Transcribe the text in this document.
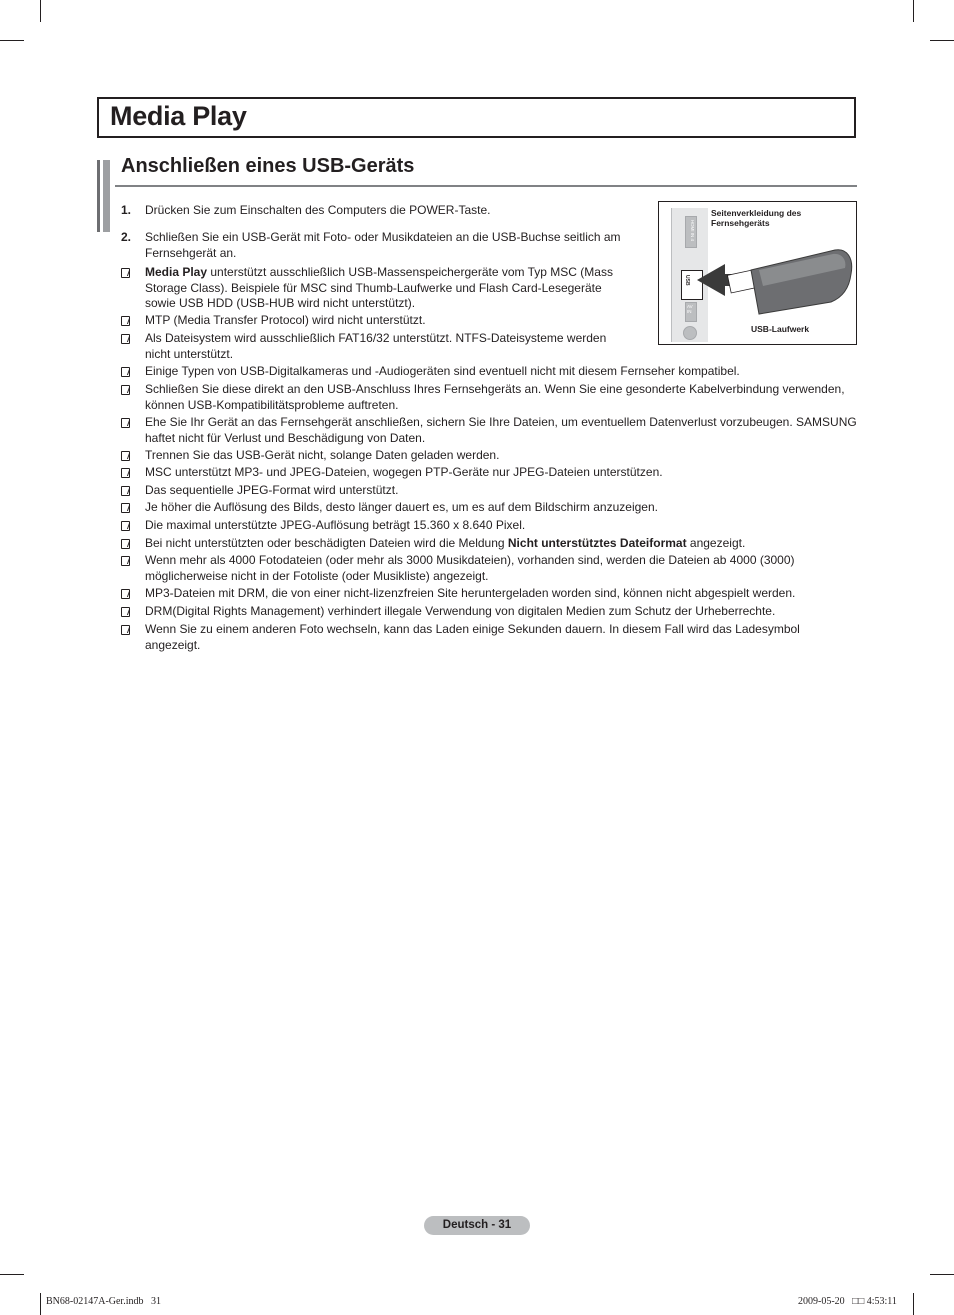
Media Play
Anschließen eines USB-Geräts
HDMI IN 4
USB
AV IN
Seitenverkleidung des Fernsehgeräts
USB-Laufwerk
1.	Drücken Sie zum Einschalten des Computers die POWER-Taste.
2.	Schließen Sie ein USB-Gerät mit Foto- oder Musikdateien an die USB-Buchse seitlich am Fernsehgerät an.
Media Play unterstützt ausschließlich USB-Massenspeichergeräte vom Typ MSC (Mass Storage Class). Beispiele für MSC sind Thumb-Laufwerke und Flash Card-Lesegeräte sowie USB HDD (USB-HUB wird nicht unterstützt).
MTP (Media Transfer Protocol) wird nicht unterstützt.
Als Dateisystem wird ausschließlich FAT16/32 unterstützt. NTFS-Dateisysteme werden nicht unterstützt.
Einige Typen von USB-Digitalkameras und -Audiogeräten sind eventuell nicht mit diesem Fernseher kompatibel.
Schließen Sie diese direkt an den USB-Anschluss Ihres Fernsehgeräts an. Wenn Sie eine gesonderte Kabelverbindung verwenden, können USB-Kompatibilitätsprobleme auftreten.
Ehe Sie Ihr Gerät an das Fernsehgerät anschließen, sichern Sie Ihre Dateien, um eventuellem Datenverlust vorzubeugen. SAMSUNG haftet nicht für Verlust und Beschädigung von Daten.
Trennen Sie das USB-Gerät nicht, solange Daten geladen werden.
MSC unterstützt MP3- und JPEG-Dateien, wogegen PTP-Geräte nur JPEG-Dateien unterstützen.
Das sequentielle JPEG-Format wird unterstützt.
Je höher die Auflösung des Bilds, desto länger dauert es, um es auf dem Bildschirm anzuzeigen.
Die maximal unterstützte JPEG-Auflösung beträgt 15.360 x 8.640 Pixel.
Bei nicht unterstützten oder beschädigten Dateien wird die Meldung Nicht unterstütztes Dateiformat angezeigt.
Wenn mehr als 4000 Fotodateien (oder mehr als 3000 Musikdateien), vorhanden sind, werden die Dateien ab 4000 (3000) möglicherweise nicht in der Fotoliste (oder Musikliste) angezeigt.
MP3-Dateien mit DRM, die von einer nicht-lizenzfreien Site heruntergeladen worden sind, können nicht abgespielt werden.
DRM(Digital Rights Management) verhindert illegale Verwendung von digitalen Medien zum Schutz der Urheberrechte.
Wenn Sie zu einem anderen Foto wechseln, kann das Laden einige Sekunden dauern. In diesem Fall wird das Ladesymbol angezeigt.
Deutsch - 31
BN68-02147A-Ger.indb   31	2009-05-20   □□ 4:53:11
